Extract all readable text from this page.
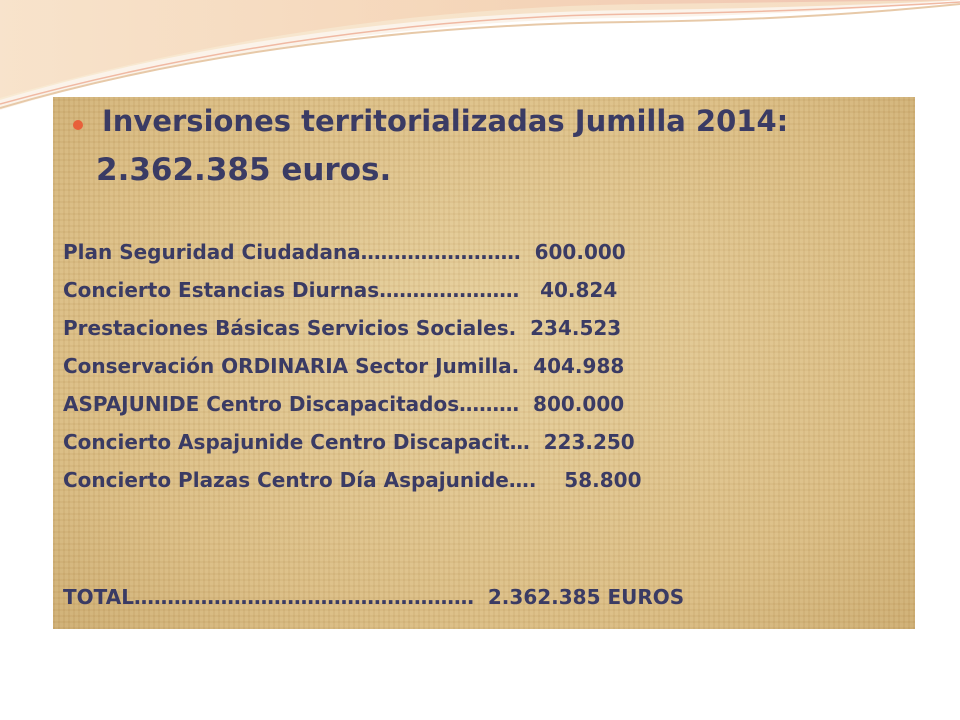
Inversiones territorializadas Jumilla 2014:
2.362.385 euros.
Plan Seguridad Ciudadana……………………  600.000
Concierto Estancias Diurnas…………………   40.824
Prestaciones Básicas Servicios Sociales.  234.523
Conservación ORDINARIA Sector Jumilla.  404.988
ASPAJUNIDE Centro Discapacitados………  800.000
Concierto Aspajunide Centro Discapacit…  223.250
Concierto Plazas Centro Día Aspajunide….    58.800
TOTAL……………………………………………  2.362.385 EUROS
